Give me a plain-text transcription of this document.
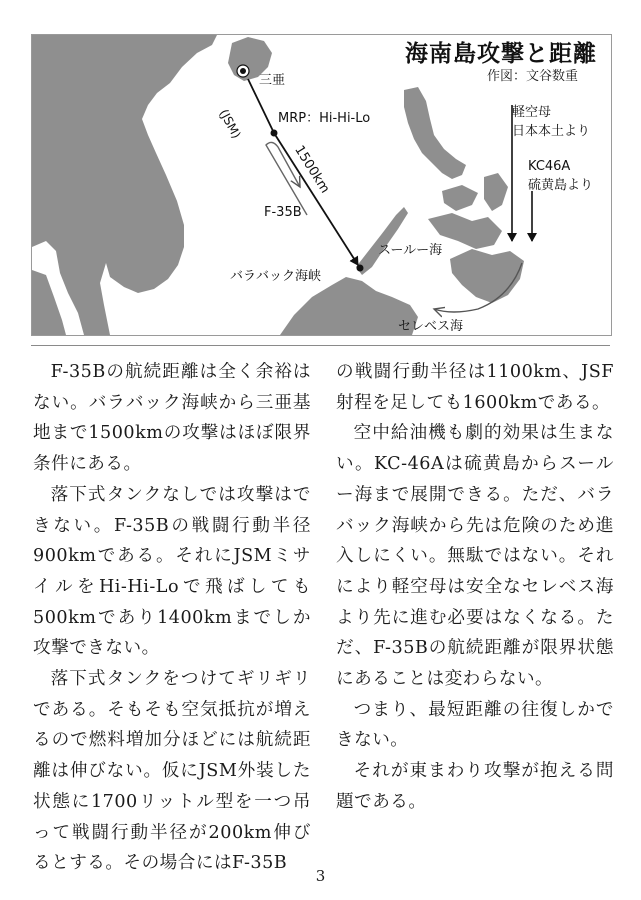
海南島攻撃と距離
作図：文谷数重
三亜
(JSM)	MRP：Hi-Hi-Lo
1500km
F-35B
スールー海
バラバック海峡
セレベス海
軽空母
日本本土より
KC46A
硫黄島より

F-35Bの航続距離は全く余裕はない。バラバック海峡から三亜基地まで1500kmの攻撃はほぼ限界条件にある。

落下式タンクなしでは攻撃はできない。F-35Bの戦闘行動半径900kmである。それにJSMミサイルをHi-Hi-Loで飛ばしても500kmであり1400kmまでしか攻撃できない。

落下式タンクをつけてギリギリである。そもそも空気抵抗が増えるので燃料増加分ほどには航続距離は伸びない。仮にJSM外装した状態に1700リットル型を一つ吊って戦闘行動半径が200km伸びるとする。その場合にはF-35B

の戦闘行動半径は1100km、JSF射程を足しても1600kmである。

空中給油機も劇的効果は生まない。KC-46Aは硫黄島からスールー海まで展開できる。ただ、バラバック海峡から先は危険のため進入しにくい。無駄ではない。それにより軽空母は安全なセレベス海より先に進む必要はなくなる。ただ、F-35Bの航続距離が限界状態にあることは変わらない。

つまり、最短距離の往復しかできない。

それが東まわり攻撃が抱える問題である。

3
